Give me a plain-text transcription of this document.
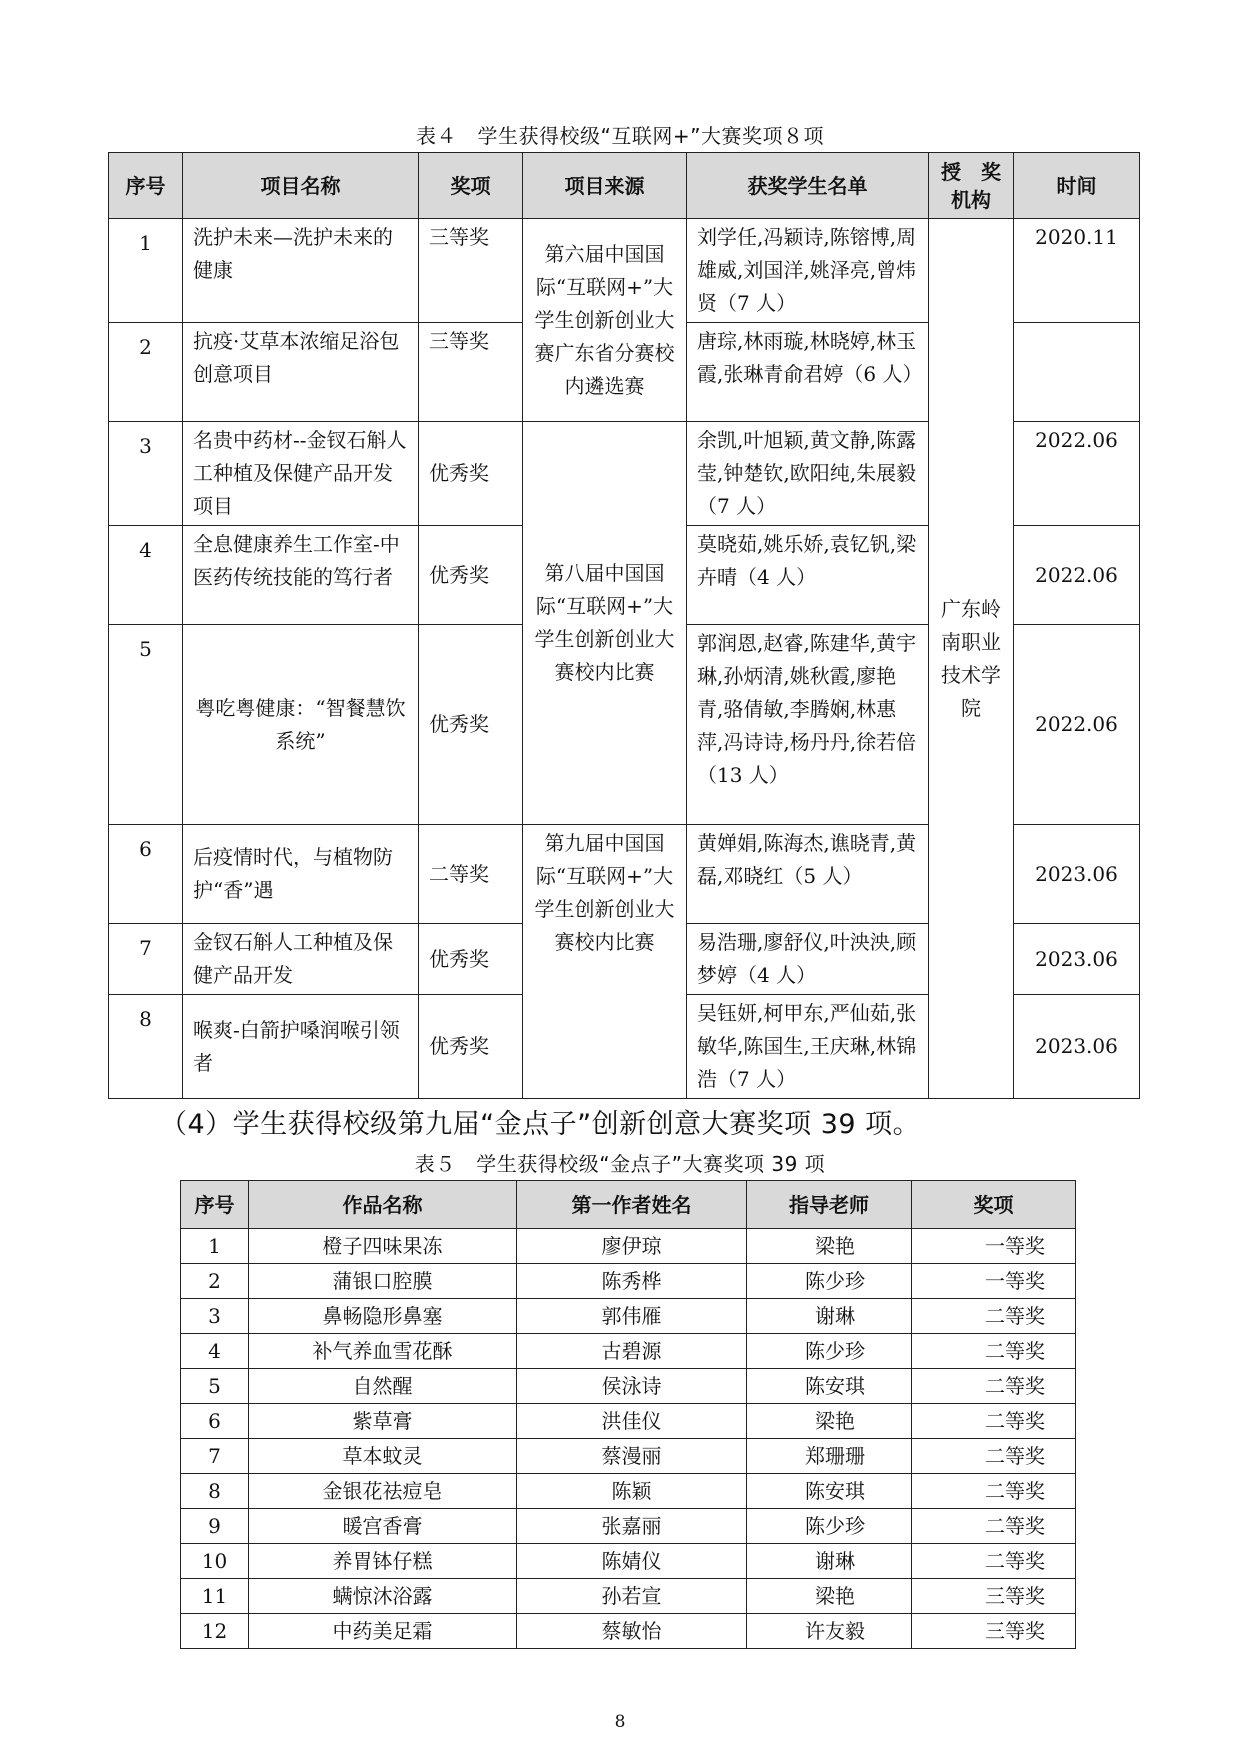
表４　学生获得校级“互联网+”大赛奖项８项
序号	项目名称	奖项	项目来源	获奖学生名单	授　奖 机构	时间
1	洗护未来—洗护未来的健康	三等奖	第六届中国国际“互联网+”大学生创新创业大赛广东省分赛校内遴选赛	刘学任,冯颖诗,陈镕博,周雄威,刘国洋,姚泽亮,曾炜贤（7 人）	广东岭南职业技术学院	2020.11
2	抗疫·艾草本浓缩足浴包创意项目	三等奖		唐琮,林雨璇,林晓婷,林玉霞,张琳青俞君婷（6 人）		
3	名贵中药材--金钗石斛人工种植及保健产品开发项目	优秀奖	第八届中国国际“互联网+”大学生创新创业大赛校内比赛	余凯,叶旭颖,黄文静,陈露莹,钟楚钦,欧阳纯,朱展毅（7 人）		2022.06
4	全息健康养生工作室-中医药传统技能的笃行者	优秀奖		莫晓茹,姚乐娇,袁钇钒,梁卉晴（4 人）		2022.06
5	粤吃粤健康：“智餐慧饮系统”	优秀奖		郭润恩,赵睿,陈建华,黄宇琳,孙炳清,姚秋霞,廖艳青,骆倩敏,李腾娴,林惠萍,冯诗诗,杨丹丹,徐若倍（13 人）		2022.06
6	后疫情时代，与植物防护“香”遇	二等奖	第九届中国国际“互联网+”大学生创新创业大赛校内比赛	黄婵娟,陈海杰,谯晓青,黄磊,邓晓红（5 人）		2023.06
7	金钗石斛人工种植及保健产品开发	优秀奖		易浩珊,廖舒仪,叶泱泱,顾梦婷（4 人）		2023.06
8	喉爽-白箭护嗓润喉引领者	优秀奖		吴钰妍,柯甲东,严仙茹,张敏华,陈国生,王庆琳,林锦浩（7 人）		2023.06
（4）学生获得校级第九届“金点子”创新创意大赛奖项 39 项。
表５　学生获得校级“金点子”大赛奖项 39 项
序号	作品名称	第一作者姓名	指导老师	奖项
1	橙子四味果冻	廖伊琼	梁艳	一等奖
2	蒲银口腔膜	陈秀桦	陈少珍	一等奖
3	鼻畅隐形鼻塞	郭伟雁	谢琳	二等奖
4	补气养血雪花酥	古碧源	陈少珍	二等奖
5	自然醒	侯泳诗	陈安琪	二等奖
6	紫草膏	洪佳仪	梁艳	二等奖
7	草本蚊灵	蔡漫丽	郑珊珊	二等奖
8	金银花祛痘皂	陈颖	陈安琪	二等奖
9	暖宫香膏	张嘉丽	陈少珍	二等奖
10	养胃钵仔糕	陈婧仪	谢琳	二等奖
11	螨惊沐浴露	孙若宣	梁艳	三等奖
12	中药美足霜	蔡敏怡	许友毅	三等奖
8
